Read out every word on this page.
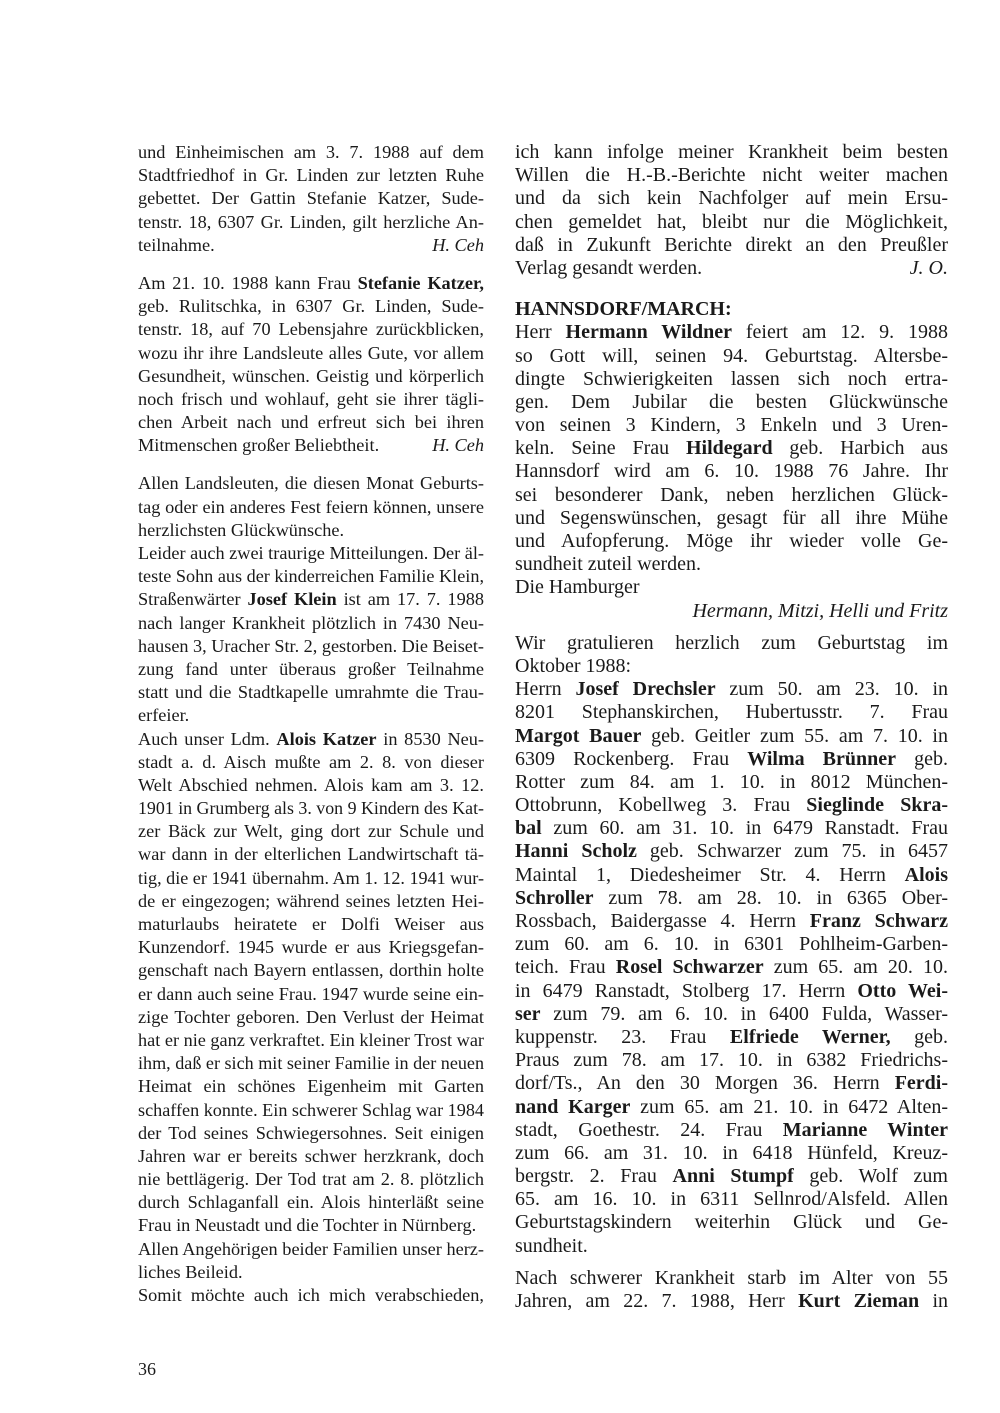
und Einheimischen am 3. 7. 1988 auf dem
Stadtfriedhof in Gr. Linden zur letzten Ruhe
gebettet. Der Gattin Stefanie Katzer, Sude-
tenstr. 18, 6307 Gr. Linden, gilt herzliche An-
teilnahme.	H. Ceh
Am 21. 10. 1988 kann Frau Stefanie Katzer,
geb. Rulitschka, in 6307 Gr. Linden, Sude-
tenstr. 18, auf 70 Lebensjahre zurückblicken,
wozu ihr ihre Landsleute alles Gute, vor allem
Gesundheit, wünschen. Geistig und körperlich
noch frisch und wohlauf, geht sie ihrer tägli-
chen Arbeit nach und erfreut sich bei ihren
Mitmenschen großer Beliebtheit.	H. Ceh
Allen Landsleuten, die diesen Monat Geburts-
tag oder ein anderes Fest feiern können, unsere
herzlichsten Glückwünsche.
Leider auch zwei traurige Mitteilungen. Der äl-
teste Sohn aus der kinderreichen Familie Klein,
Straßenwärter Josef Klein ist am 17. 7. 1988
nach langer Krankheit plötzlich in 7430 Neu-
hausen 3, Uracher Str. 2, gestorben. Die Beiset-
zung fand unter überaus großer Teilnahme
statt und die Stadtkapelle umrahmte die Trau-
erfeier.
Auch unser Ldm. Alois Katzer in 8530 Neu-
stadt a. d. Aisch mußte am 2. 8. von dieser
Welt Abschied nehmen. Alois kam am 3. 12.
1901 in Grumberg als 3. von 9 Kindern des Kat-
zer Bäck zur Welt, ging dort zur Schule und
war dann in der elterlichen Landwirtschaft tä-
tig, die er 1941 übernahm. Am 1. 12. 1941 wur-
de er eingezogen; während seines letzten Hei-
maturlaubs heiratete er Dolfi Weiser aus
Kunzendorf. 1945 wurde er aus Kriegsgefan-
genschaft nach Bayern entlassen, dorthin holte
er dann auch seine Frau. 1947 wurde seine ein-
zige Tochter geboren. Den Verlust der Heimat
hat er nie ganz verkraftet. Ein kleiner Trost war
ihm, daß er sich mit seiner Familie in der neuen
Heimat ein schönes Eigenheim mit Garten
schaffen konnte. Ein schwerer Schlag war 1984
der Tod seines Schwiegersohnes. Seit einigen
Jahren war er bereits schwer herzkrank, doch
nie bettlägerig. Der Tod trat am 2. 8. plötzlich
durch Schlaganfall ein. Alois hinterläßt seine
Frau in Neustadt und die Tochter in Nürnberg.
Allen Angehörigen beider Familien unser herz-
liches Beileid.
Somit möchte auch ich mich verabschieden,
ich kann infolge meiner Krankheit beim besten
Willen die H.-B.-Berichte nicht weiter machen
und da sich kein Nachfolger auf mein Ersu-
chen gemeldet hat, bleibt nur die Möglichkeit,
daß in Zukunft Berichte direkt an den Preußler
Verlag gesandt werden.	J. O.
HANNSDORF/MARCH:
Herr Hermann Wildner feiert am 12. 9. 1988
so Gott will, seinen 94. Geburtstag. Altersbe-
dingte Schwierigkeiten lassen sich noch ertra-
gen. Dem Jubilar die besten Glückwünsche
von seinen 3 Kindern, 3 Enkeln und 3 Uren-
keln. Seine Frau Hildegard geb. Harbich aus
Hannsdorf wird am 6. 10. 1988 76 Jahre. Ihr
sei besonderer Dank, neben herzlichen Glück-
und Segenswünschen, gesagt für all ihre Mühe
und Aufopferung. Möge ihr wieder volle Ge-
sundheit zuteil werden.
Die Hamburger
Hermann, Mitzi, Helli und Fritz
Wir gratulieren herzlich zum Geburtstag im
Oktober 1988:
Herrn Josef Drechsler zum 50. am 23. 10. in
8201 Stephanskirchen, Hubertusstr. 7. Frau
Margot Bauer geb. Geitler zum 55. am 7. 10. in
6309 Rockenberg. Frau Wilma Brünner geb.
Rotter zum 84. am 1. 10. in 8012 München-
Ottobrunn, Kobellweg 3. Frau Sieglinde Skra-
bal zum 60. am 31. 10. in 6479 Ranstadt. Frau
Hanni Scholz geb. Schwarzer zum 75. in 6457
Maintal 1, Diedesheimer Str. 4. Herrn Alois
Schroller zum 78. am 28. 10. in 6365 Ober-
Rossbach, Baidergasse 4. Herrn Franz Schwarz
zum 60. am 6. 10. in 6301 Pohlheim-Garben-
teich. Frau Rosel Schwarzer zum 65. am 20. 10.
in 6479 Ranstadt, Stolberg 17. Herrn Otto Wei-
ser zum 79. am 6. 10. in 6400 Fulda, Wasser-
kuppenstr. 23. Frau Elfriede Werner, geb.
Praus zum 78. am 17. 10. in 6382 Friedrichs-
dorf/Ts., An den 30 Morgen 36. Herrn Ferdi-
nand Karger zum 65. am 21. 10. in 6472 Alten-
stadt, Goethestr. 24. Frau Marianne Winter
zum 66. am 31. 10. in 6418 Hünfeld, Kreuz-
bergstr. 2. Frau Anni Stumpf geb. Wolf zum
65. am 16. 10. in 6311 Sellnrod/Alsfeld. Allen
Geburtstagskindern weiterhin Glück und Ge-
sundheit.
Nach schwerer Krankheit starb im Alter von 55
Jahren, am 22. 7. 1988, Herr Kurt Zieman in
36
